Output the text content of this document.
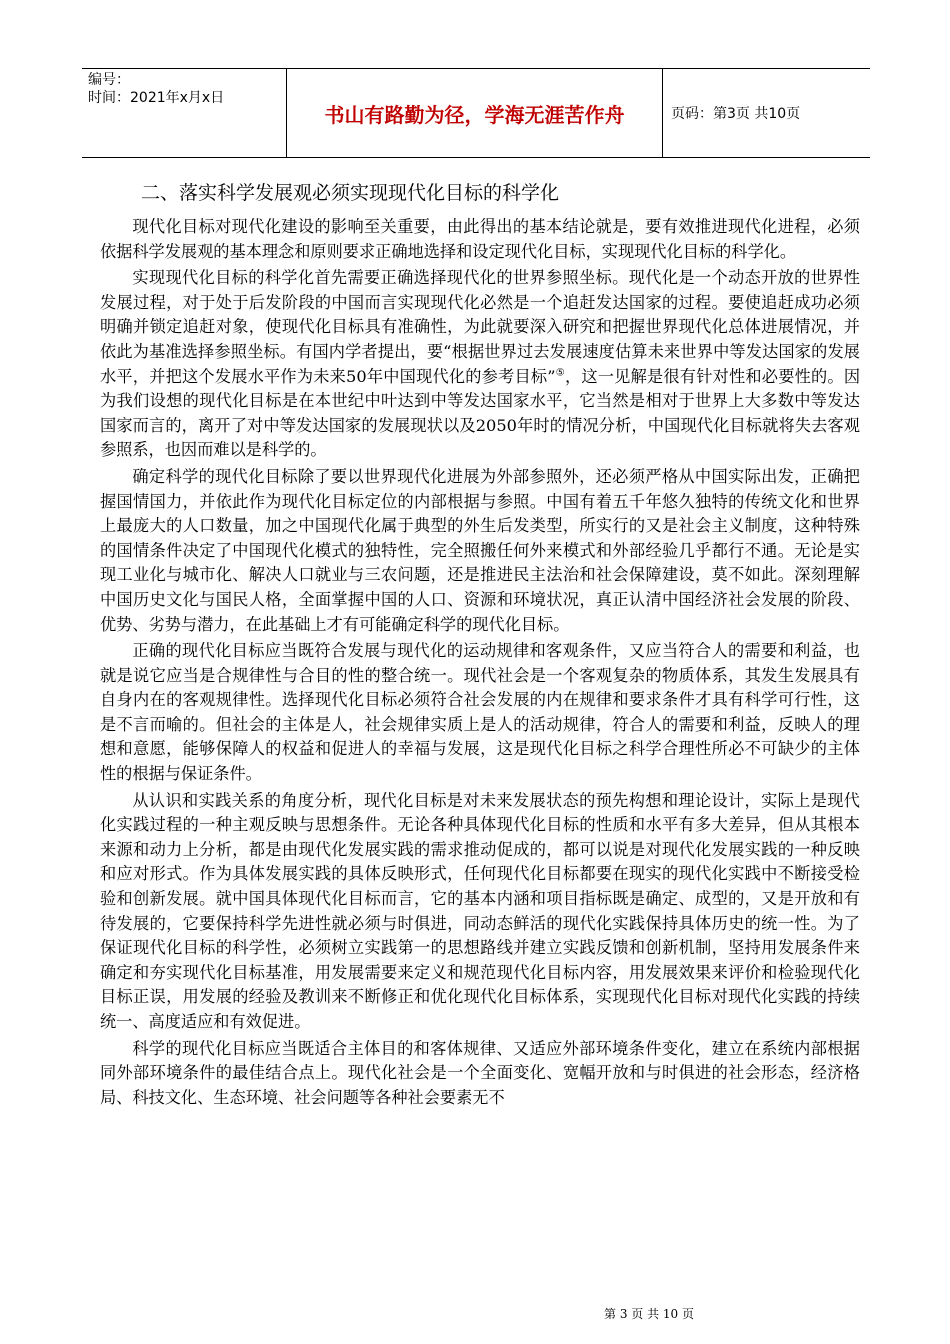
编号：
时间：2021年x月x日
	书山有路勤为径，学海无涯苦作舟	页码：第3页 共10页
二、落实科学发展观必须实现现代化目标的科学化

现代化目标对现代化建设的影响至关重要，由此得出的基本结论就是，要有效推进现代化进程，必须依据科学发展观的基本理念和原则要求正确地选择和设定现代化目标，实现现代化目标的科学化。

实现现代化目标的科学化首先需要正确选择现代化的世界参照坐标。现代化是一个动态开放的世界性发展过程，对于处于后发阶段的中国而言实现现代化必然是一个追赶发达国家的过程。要使追赶成功必须明确并锁定追赶对象，使现代化目标具有准确性，为此就要深入研究和把握世界现代化总体进展情况，并依此为基准选择参照坐标。有国内学者提出，要“根据世界过去发展速度估算未来世界中等发达国家的发展水平，并把这个发展水平作为未来50年中国现代化的参考目标”⑤，这一见解是很有针对性和必要性的。因为我们设想的现代化目标是在本世纪中叶达到中等发达国家水平，它当然是相对于世界上大多数中等发达国家而言的，离开了对中等发达国家的发展现状以及2050年时的情况分析，中国现代化目标就将失去客观参照系，也因而难以是科学的。

确定科学的现代化目标除了要以世界现代化进展为外部参照外，还必须严格从中国实际出发，正确把握国情国力，并依此作为现代化目标定位的内部根据与参照。中国有着五千年悠久独特的传统文化和世界上最庞大的人口数量，加之中国现代化属于典型的外生后发类型，所实行的又是社会主义制度，这种特殊的国情条件决定了中国现代化模式的独特性，完全照搬任何外来模式和外部经验几乎都行不通。无论是实现工业化与城市化、解决人口就业与三农问题，还是推进民主法治和社会保障建设，莫不如此。深刻理解中国历史文化与国民人格，全面掌握中国的人口、资源和环境状况，真正认清中国经济社会发展的阶段、优势、劣势与潜力，在此基础上才有可能确定科学的现代化目标。

正确的现代化目标应当既符合发展与现代化的运动规律和客观条件，又应当符合人的需要和利益，也就是说它应当是合规律性与合目的性的整合统一。现代社会是一个客观复杂的物质体系，其发生发展具有自身内在的客观规律性。选择现代化目标必须符合社会发展的内在规律和要求条件才具有科学可行性，这是不言而喻的。但社会的主体是人，社会规律实质上是人的活动规律，符合人的需要和利益，反映人的理想和意愿，能够保障人的权益和促进人的幸福与发展，这是现代化目标之科学合理性所必不可缺少的主体性的根据与保证条件。

从认识和实践关系的角度分析，现代化目标是对未来发展状态的预先构想和理论设计，实际上是现代化实践过程的一种主观反映与思想条件。无论各种具体现代化目标的性质和水平有多大差异，但从其根本来源和动力上分析，都是由现代化发展实践的需求推动促成的，都可以说是对现代化发展实践的一种反映和应对形式。作为具体发展实践的具体反映形式，任何现代化目标都要在现实的现代化实践中不断接受检验和创新发展。就中国具体现代化目标而言，它的基本内涵和项目指标既是确定、成型的，又是开放和有待发展的，它要保持科学先进性就必须与时俱进，同动态鲜活的现代化实践保持具体历史的统一性。为了保证现代化目标的科学性，必须树立实践第一的思想路线并建立实践反馈和创新机制，坚持用发展条件来确定和夯实现代化目标基准，用发展需要来定义和规范现代化目标内容，用发展效果来评价和检验现代化目标正误，用发展的经验及教训来不断修正和优化现代化目标体系，实现现代化目标对现代化实践的持续统一、高度适应和有效促进。

科学的现代化目标应当既适合主体目的和客体规律、又适应外部环境条件变化，建立在系统内部根据同外部环境条件的最佳结合点上。现代化社会是一个全面变化、宽幅开放和与时俱进的社会形态，经济格局、科技文化、生态环境、社会问题等各种社会要素无不

第 3 页 共 10 页
